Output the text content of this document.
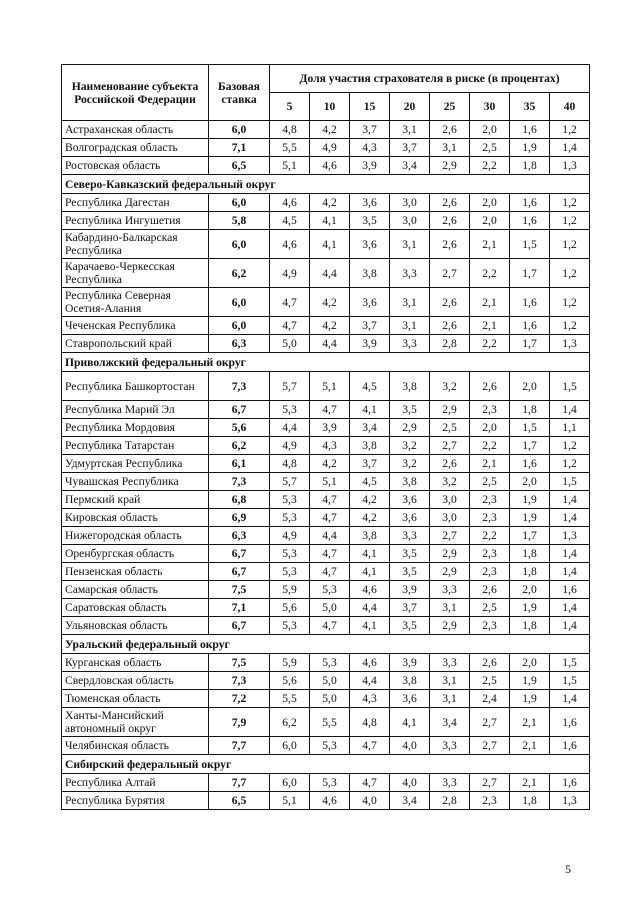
Наименование субъекта Российской Федерации	Базовая ставка	Доля участия страхователя в риске (в процентах)							
		5	10	15	20	25	30	35	40
Астраханская область	6,0	4,8	4,2	3,7	3,1	2,6	2,0	1,6	1,2
Волгоградская область	7,1	5,5	4,9	4,3	3,7	3,1	2,5	1,9	1,4
Ростовская область	6,5	5,1	4,6	3,9	3,4	2,9	2,2	1,8	1,3
Северо-Кавказский федеральный округ									
Республика Дагестан	6,0	4,6	4,2	3,6	3,0	2,6	2,0	1,6	1,2
Республика Ингушетия	5,8	4,5	4,1	3,5	3,0	2,6	2,0	1,6	1,2
Кабардино-Балкарская Республика	6,0	4,6	4,1	3,6	3,1	2,6	2,1	1,5	1,2
Карачаево-Черкесская Республика	6,2	4,9	4,4	3,8	3,3	2,7	2,2	1,7	1,2
Республика Северная Осетия-Алания	6,0	4,7	4,2	3,6	3,1	2,6	2,1	1,6	1,2
Чеченская Республика	6,0	4,7	4,2	3,7	3,1	2,6	2,1	1,6	1,2
Ставропольский край	6,3	5,0	4,4	3,9	3,3	2,8	2,2	1,7	1,3
Приволжский федеральный округ									
Республика Башкортостан	7,3	5,7	5,1	4,5	3,8	3,2	2,6	2,0	1,5
Республика Марий Эл	6,7	5,3	4,7	4,1	3,5	2,9	2,3	1,8	1,4
Республика Мордовия	5,6	4,4	3,9	3,4	2,9	2,5	2,0	1,5	1,1
Республика Татарстан	6,2	4,9	4,3	3,8	3,2	2,7	2,2	1,7	1,2
Удмуртская Республика	6,1	4,8	4,2	3,7	3,2	2,6	2,1	1,6	1,2
Чувашская Республика	7,3	5,7	5,1	4,5	3,8	3,2	2,5	2,0	1,5
Пермский край	6,8	5,3	4,7	4,2	3,6	3,0	2,3	1,9	1,4
Кировская область	6,9	5,3	4,7	4,2	3,6	3,0	2,3	1,9	1,4
Нижегородская область	6,3	4,9	4,4	3,8	3,3	2,7	2,2	1,7	1,3
Оренбургская область	6,7	5,3	4,7	4,1	3,5	2,9	2,3	1,8	1,4
Пензенская область	6,7	5,3	4,7	4,1	3,5	2,9	2,3	1,8	1,4
Самарская область	7,5	5,9	5,3	4,6	3,9	3,3	2,6	2,0	1,6
Саратовская область	7,1	5,6	5,0	4,4	3,7	3,1	2,5	1,9	1,4
Ульяновская область	6,7	5,3	4,7	4,1	3,5	2,9	2,3	1,8	1,4
Уральский федеральный округ									
Курганская область	7,5	5,9	5,3	4,6	3,9	3,3	2,6	2,0	1,5
Свердловская область	7,3	5,6	5,0	4,4	3,8	3,1	2,5	1,9	1,5
Тюменская область	7,2	5,5	5,0	4,3	3,6	3,1	2,4	1,9	1,4
Ханты-Мансийский автономный округ	7,9	6,2	5,5	4,8	4,1	3,4	2,7	2,1	1,6
Челябинская область	7,7	6,0	5,3	4,7	4,0	3,3	2,7	2,1	1,6
Сибирский федеральный округ									
Республика Алтай	7,7	6,0	5,3	4,7	4,0	3,3	2,7	2,1	1,6
Республика Бурятия	6,5	5,1	4,6	4,0	3,4	2,8	2,3	1,8	1,3
5
